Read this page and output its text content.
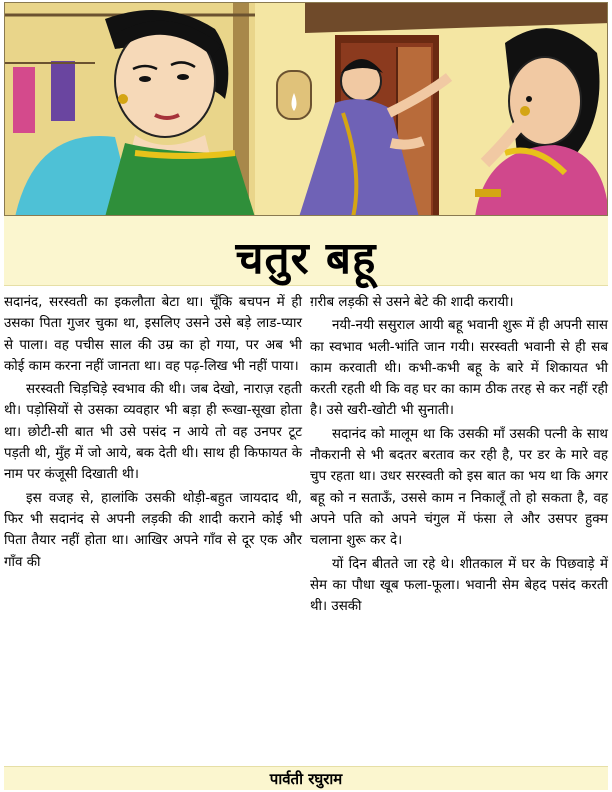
चतुर बहू

सदानंद, सरस्वती का इकलौता बेटा था। चूँकि बचपन में ही उसका पिता गुजर चुका था, इसलिए उसने उसे बड़े लाड-प्यार से पाला। वह पचीस साल की उम्र का हो गया, पर अब भी कोई काम करना नहीं जानता था। वह पढ़-लिख भी नहीं पाया।

सरस्वती चिड़चिड़े स्वभाव की थी। जब देखो, नाराज़ रहती थी। पड़ोसियों से उसका व्यवहार भी बड़ा ही रूखा-सूखा होता था। छोटी-सी बात भी उसे पसंद न आये तो वह उनपर टूट पड़ती थी, मुँह में जो आये, बक देती थी। साथ ही किफायत के नाम पर कंजूसी दिखाती थी।

इस वजह से, हालांकि उसकी थोड़ी-बहुत जायदाद थी, फिर भी सदानंद से अपनी लड़की की शादी कराने कोई भी पिता तैयार नहीं होता था। आखिर अपने गाँव से दूर एक और गाँव की

ग़रीब लड़की से उसने बेटे की शादी करायी।

नयी-नयी ससुराल आयी बहू भवानी शुरू में ही अपनी सास का स्वभाव भली-भांति जान गयी। सरस्वती भवानी से ही सब काम करवाती थी। कभी-कभी बहू के बारे में शिकायत भी करती रहती थी कि वह घर का काम ठीक तरह से कर नहीं रही है। उसे खरी-खोटी भी सुनाती।

सदानंद को मालूम था कि उसकी माँ उसकी पत्नी के साथ नौकरानी से भी बदतर बरताव कर रही है, पर डर के मारे वह चुप रहता था। उधर सरस्वती को इस बात का भय था कि अगर बहू को न सताऊँ, उससे काम न निकालूँ तो हो सकता है, वह अपने पति को अपने चंगुल में फंसा ले और उसपर हुक्म चलाना शुरू कर दे।

यों दिन बीतते जा रहे थे। शीतकाल में घर के पिछवाड़े में सेम का पौधा खूब फला-फूला। भवानी सेम बेहद पसंद करती थी। उसकी

पार्वती रघुराम
